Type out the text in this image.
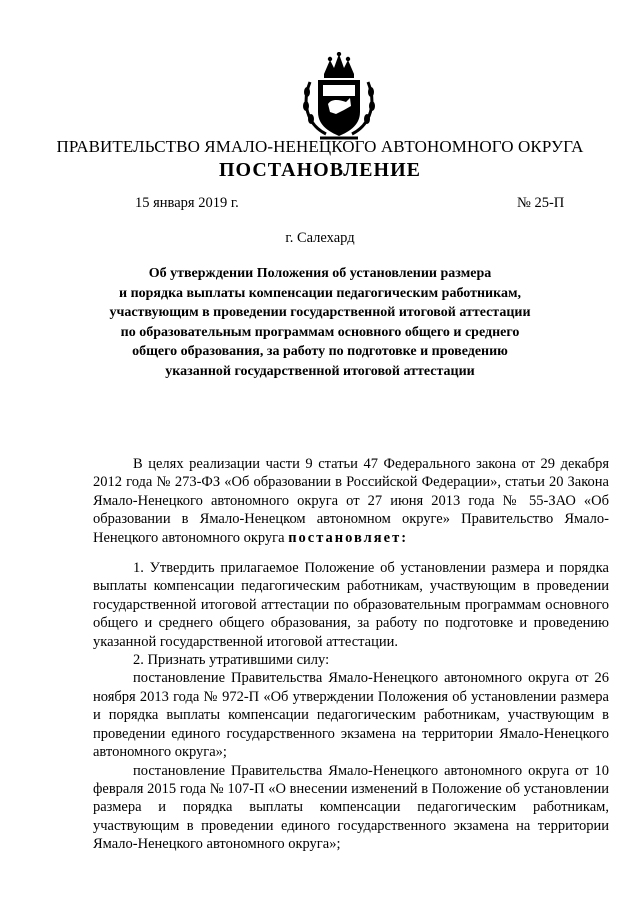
ПРАВИТЕЛЬСТВО ЯМАЛО-НЕНЕЦКОГО АВТОНОМНОГО ОКРУГА
ПОСТАНОВЛЕНИЕ
15 января 2019 г.	№ 25-П
г. Салехард
Об утверждении Положения об установлении размера
и порядка выплаты компенсации педагогическим работникам,
участвующим в проведении государственной итоговой аттестации
по образовательным программам основного общего и среднего
общего образования, за работу по подготовке и проведению
указанной государственной итоговой аттестации

В целях реализации части 9 статьи 47 Федерального закона от 29 декабря 2012 года № 273-ФЗ «Об образовании в Российской Федерации», статьи 20 Закона Ямало-Ненецкого автономного округа от 27 июня 2013 года № 55-ЗАО «Об образовании в Ямало-Ненецком автономном округе» Правительство Ямало-Ненецкого автономного округа постановляет:

1. Утвердить прилагаемое Положение об установлении размера и порядка выплаты компенсации педагогическим работникам, участвующим в проведении государственной итоговой аттестации по образовательным программам основного общего и среднего общего образования, за работу по подготовке и проведению указанной государственной итоговой аттестации.

2. Признать утратившими силу:

постановление Правительства Ямало-Ненецкого автономного округа от 26 ноября 2013 года № 972-П «Об утверждении Положения об установлении размера и порядка выплаты компенсации педагогическим работникам, участвующим в проведении единого государственного экзамена на территории Ямало-Ненецкого автономного округа»;

постановление Правительства Ямало-Ненецкого автономного округа от 10 февраля 2015 года № 107-П «О внесении изменений в Положение об установлении размера и порядка выплаты компенсации педагогическим работникам, участвующим в проведении единого государственного экзамена на территории Ямало-Ненецкого автономного округа»;
